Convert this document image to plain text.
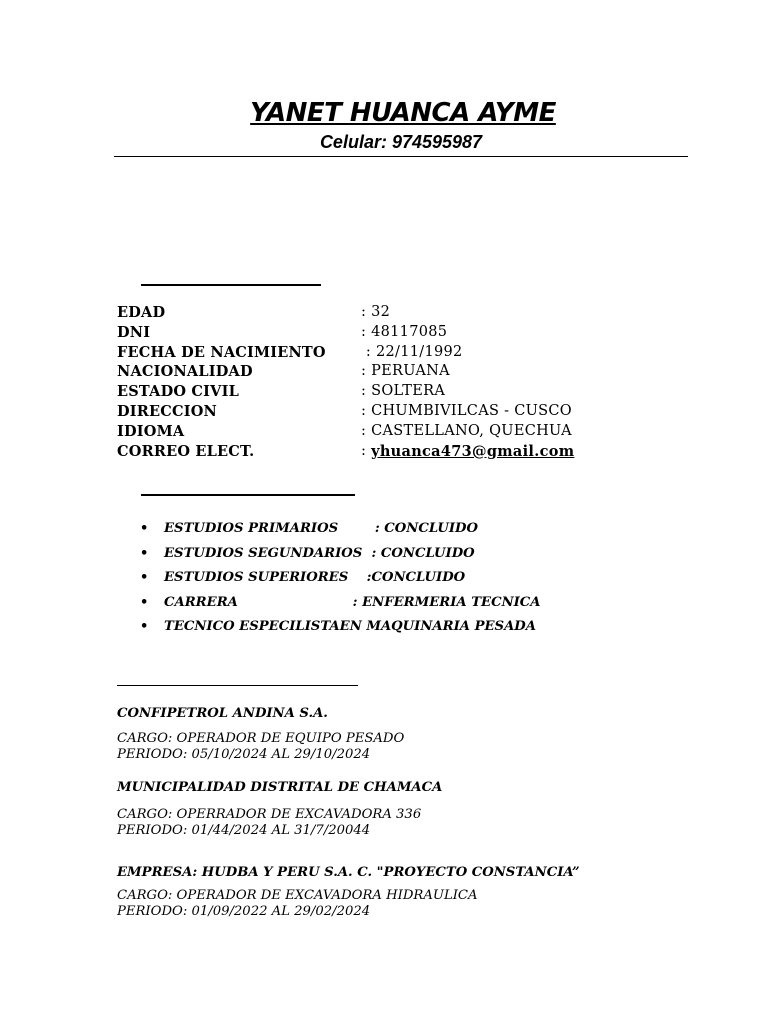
YANET HUANCA AYME
Celular: 974595987
EDAD	: 32
DNI	: 48117085
FECHA DE NACIMIENTO	: 22/11/1992
NACIONALIDAD	: PERUANA
ESTADO CIVIL	: SOLTERA
DIRECCION	: CHUMBIVILCAS - CUSCO
IDIOMA	: CASTELLANO, QUECHUA
CORREO ELECT.	: yhuanca473@gmail.com
•	ESTUDIOS PRIMARIOS        : CONCLUIDO
•	ESTUDIOS SEGUNDARIOS  : CONCLUIDO
•	ESTUDIOS SUPERIORES    :CONCLUIDO
•	CARRERA                         : ENFERMERIA TECNICA
•	TECNICO ESPECILISTAEN MAQUINARIA PESADA
CONFIPETROL ANDINA S.A.
CARGO: OPERADOR DE EQUIPO PESADO
PERIODO: 05/10/2024 AL 29/10/2024
MUNICIPALIDAD DISTRITAL DE CHAMACA
CARGO: OPERRADOR DE EXCAVADORA 336
PERIODO: 01/44/2024 AL 31/7/20044
EMPRESA: HUDBA Y PERU S.A. C. "PROYECTO CONSTANCIA”
CARGO: OPERADOR DE EXCAVADORA HIDRAULICA
PERIODO: 01/09/2022 AL 29/02/2024
